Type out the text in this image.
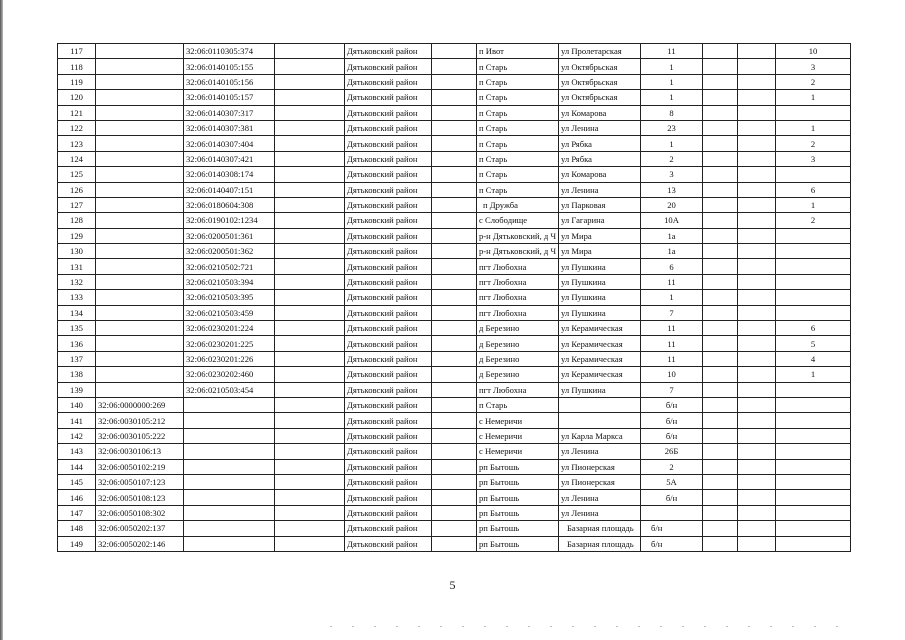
117		32:06:0110305:374		Дятьковский район		п Ивот	ул Пролетарская	11			10
118		32:06:0140105:155		Дятьковский район		п Старь	ул Октябрьская	1			3
119		32:06:0140105:156		Дятьковский район		п Старь	ул Октябрьская	1			2
120		32:06:0140105:157		Дятьковский район		п Старь	ул Октябрьская	1			1
121		32:06:0140307:317		Дятьковский район		п Старь	ул Комарова	8			
122		32:06:0140307:381		Дятьковский район		п Старь	ул Ленина	23			1
123		32:06:0140307:404		Дятьковский район		п Старь	ул Рябка	1			2
124		32:06:0140307:421		Дятьковский район		п Старь	ул Рябка	2			3
125		32:06:0140308:174		Дятьковский район		п Старь	ул Комарова	3			
126		32:06:0140407:151		Дятьковский район		п Старь	ул Ленина	13			6
127		32:06:0180604:308		Дятьковский район		п Дружба	ул Парковая	20			1
128		32:06:0190102:1234		Дятьковский район		с Слободище	ул Гагарина	10А			2
129		32:06:0200501:361		Дятьковский район		р-н Дятьковский, д Ч	ул Мира	1а			
130		32:06:0200501:362		Дятьковский район		р-н Дятьковский, д Ч	ул Мира	1а			
131		32:06:0210502:721		Дятьковский район		пгт Любохна	ул Пушкина	6			
132		32:06:0210503:394		Дятьковский район		пгт Любохна	ул Пушкина	11			
133		32:06:0210503:395		Дятьковский район		пгт Любохна	ул Пушкина	1			
134		32:06:0210503:459		Дятьковский район		пгт Любохна	ул Пушкина	7			
135		32:06:0230201:224		Дятьковский район		д Березино	ул Керамическая	11			6
136		32:06:0230201:225		Дятьковский район		д Березино	ул Керамическая	11			5
137		32:06:0230201:226		Дятьковский район		д Березино	ул Керамическая	11			4
138		32:06:0230202:460		Дятьковский район		д Березино	ул Керамическая	10			1
139		32:06:0210503:454		Дятьковский район		пгт Любохна	ул Пушкина	7			
140	32:06:0000000:269			Дятьковский район		п Старь		б/н			
141	32:06:0030105:212			Дятьковский район		с Немеричи		б/н			
142	32:06:0030105:222			Дятьковский район		с Немеричи	ул Карла Маркса	б/н			
143	32:06:0030106:13			Дятьковский район		с Немеричи	ул Ленина	26Б			
144	32:06:0050102:219			Дятьковский район		рп Бытошь	ул Пионерская	2			
145	32:06:0050107:123			Дятьковский район		рп Бытошь	ул Пионерская	5А			
146	32:06:0050108:123			Дятьковский район		рп Бытошь	ул Ленина	б/н			
147	32:06:0050108:302			Дятьковский район		рп Бытошь	ул Ленина				
148	32:06:0050202:137			Дятьковский район		рп Бытошь	Базарная площадь	б/н			
149	32:06:0050202:146			Дятьковский район		рп Бытошь	Базарная площадь	б/н			
5
